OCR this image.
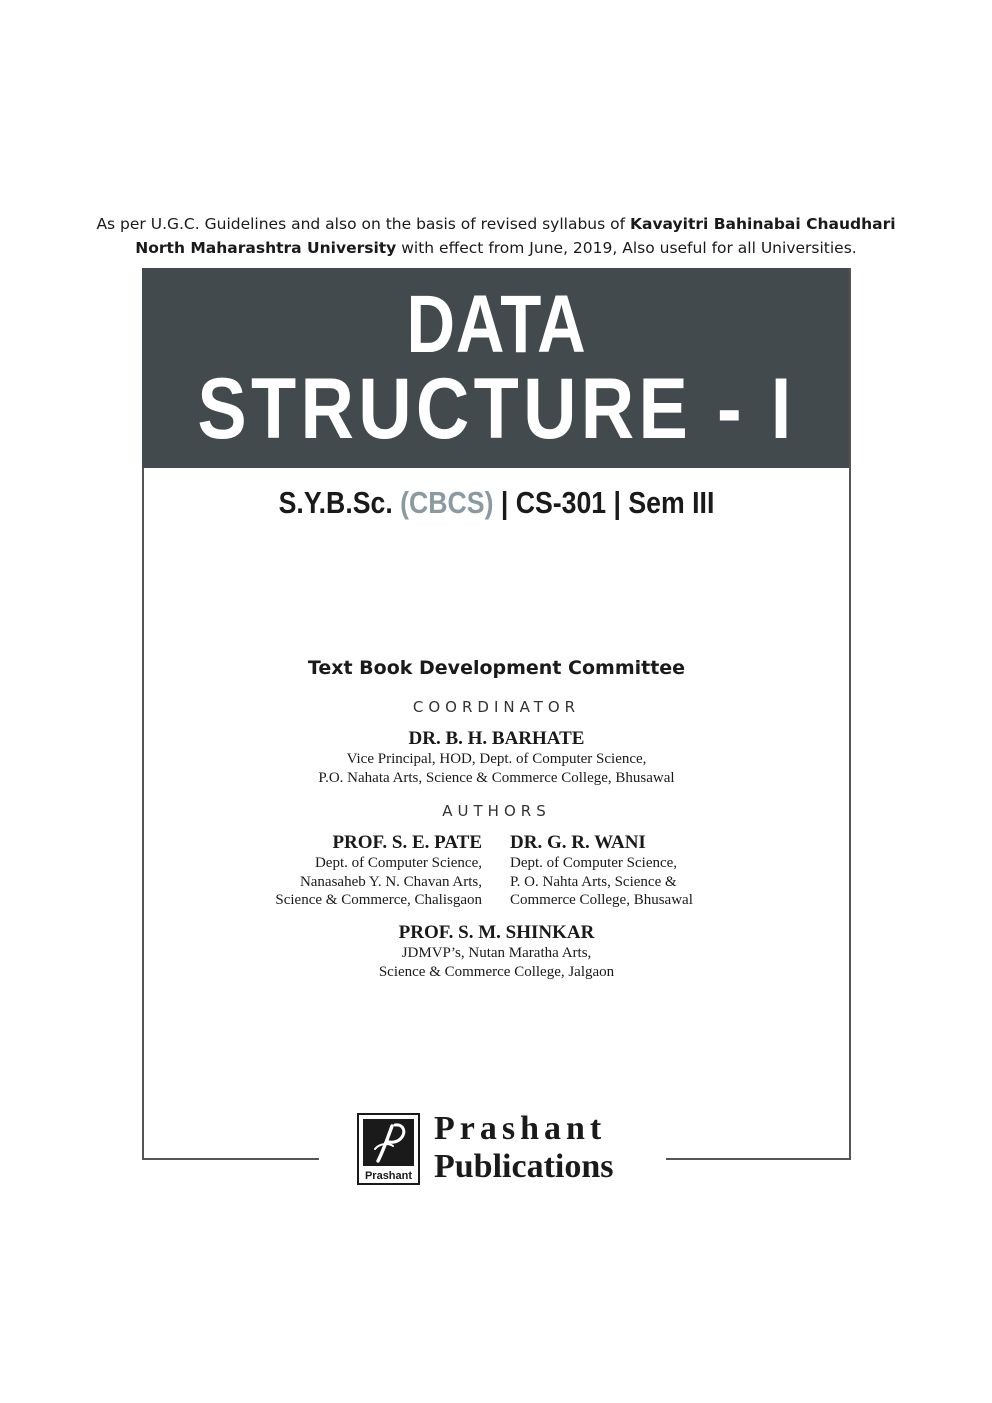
As per U.G.C. Guidelines and also on the basis of revised syllabus of Kavayitri Bahinabai Chaudhari
North Maharashtra University with effect from June, 2019, Also useful for all Universities.
DATA
STRUCTURE - I
S.Y.B.Sc. (CBCS) | CS-301 | Sem III
Text Book Development Committee
COORDINATOR
DR. B. H. BARHATE
Vice Principal, HOD, Dept. of Computer Science,
P.O. Nahata Arts, Science & Commerce College, Bhusawal
AUTHORS
PROF. S. E. PATE
Dept. of Computer Science,
Nanasaheb Y. N. Chavan Arts,
Science & Commerce, Chalisgaon
DR. G. R. WANI
Dept. of Computer Science,
P. O. Nahta Arts, Science &
Commerce College, Bhusawal
PROF. S. M. SHINKAR
JDMVP’s, Nutan Maratha Arts,
Science & Commerce College, Jalgaon
Prashant
Prashant
Publications
